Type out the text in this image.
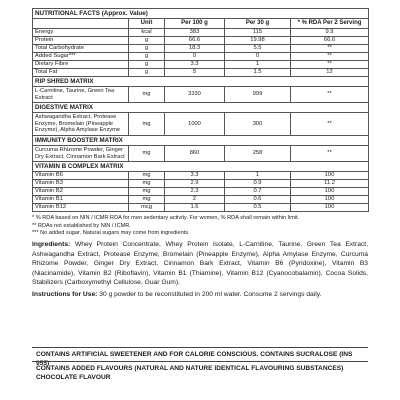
NUTRITIONAL FACTS (Approx. Value)				
	Unit	Per 100 g	Per 30 g	* % RDA Per 2 Serving
Energy	kcal	383	115	9.9
Protein	g	66.6	19.98	66.6
Total Carbohydrate	g	18.3	5.5	**
Added Sugar***	g	0	0	**
Dietary Fibre	g	3.3	1	**
Total Fat	g	5	1.5	12
RIP SHRED MATRIX				
L-Carnitine, Taurine, Green Tea Extract	mg	3330	999	**
DIGESTIVE MATRIX				
Ashwagandha Extract, Protease Enzyme, Bromelain (Pineapple Enzyme), Alpha Amylase Enzyme	mg	1000	300	**
IMMUNITY BOOSTER MATRIX				
Curcuma Rhizome Powder, Ginger Dry Extract, Cinnamon Bark Extract	mg	860	258	**
VITAMIN B COMPLEX MATRIX				
Vitamin B6	mg	3.3	1	100
Vitamin B3	mg	2.9	0.9	11.2
Vitamin B2	mg	2.3	0.7	100
Vitamin B1	mg	2	0.6	100
Vitamin B12	mcg	1.6	0.5	100
* % RDA based on NIN / ICMR RDA for men sedentary activity. For women, % RDA shall remain within limit.
** RDAs not established by NIN / ICMR.
*** No added sugar. Natural sugars may come from ingredients.
Ingredients: Whey Protein Concentrate, Whey Protein Isolate, L-Carnitine, Taurine, Green Tea Extract, Ashwagandha Extract, Protease Enzyme, Bromelain (Pineapple Enzyme), Alpha Amylase Enzyme, Curcuma Rhizome Powder, Ginger Dry Extract, Cinnamon Bark Extract, Vitamin B6 (Pyridoxine), Vitamin B3 (Niacinamide), Vitamin B2 (Riboflavin), Vitamin B1 (Thiamine), Vitamin B12 (Cyanocobalamin), Cocoa Solids, Stabilizers (Carboxymethyl Cellulose, Guar Gum).
Instructions for Use: 30 g powder to be reconstituted in 200 ml water. Consume 2 servings daily.
CONTAINS ARTIFICIAL SWEETENER AND FOR CALORIE CONSCIOUS. CONTAINS SUCRALOSE (INS 955)
CONTAINS ADDED FLAVOURS (NATURAL AND NATURE IDENTICAL FLAVOURING SUBSTANCES)
CHOCOLATE FLAVOUR
